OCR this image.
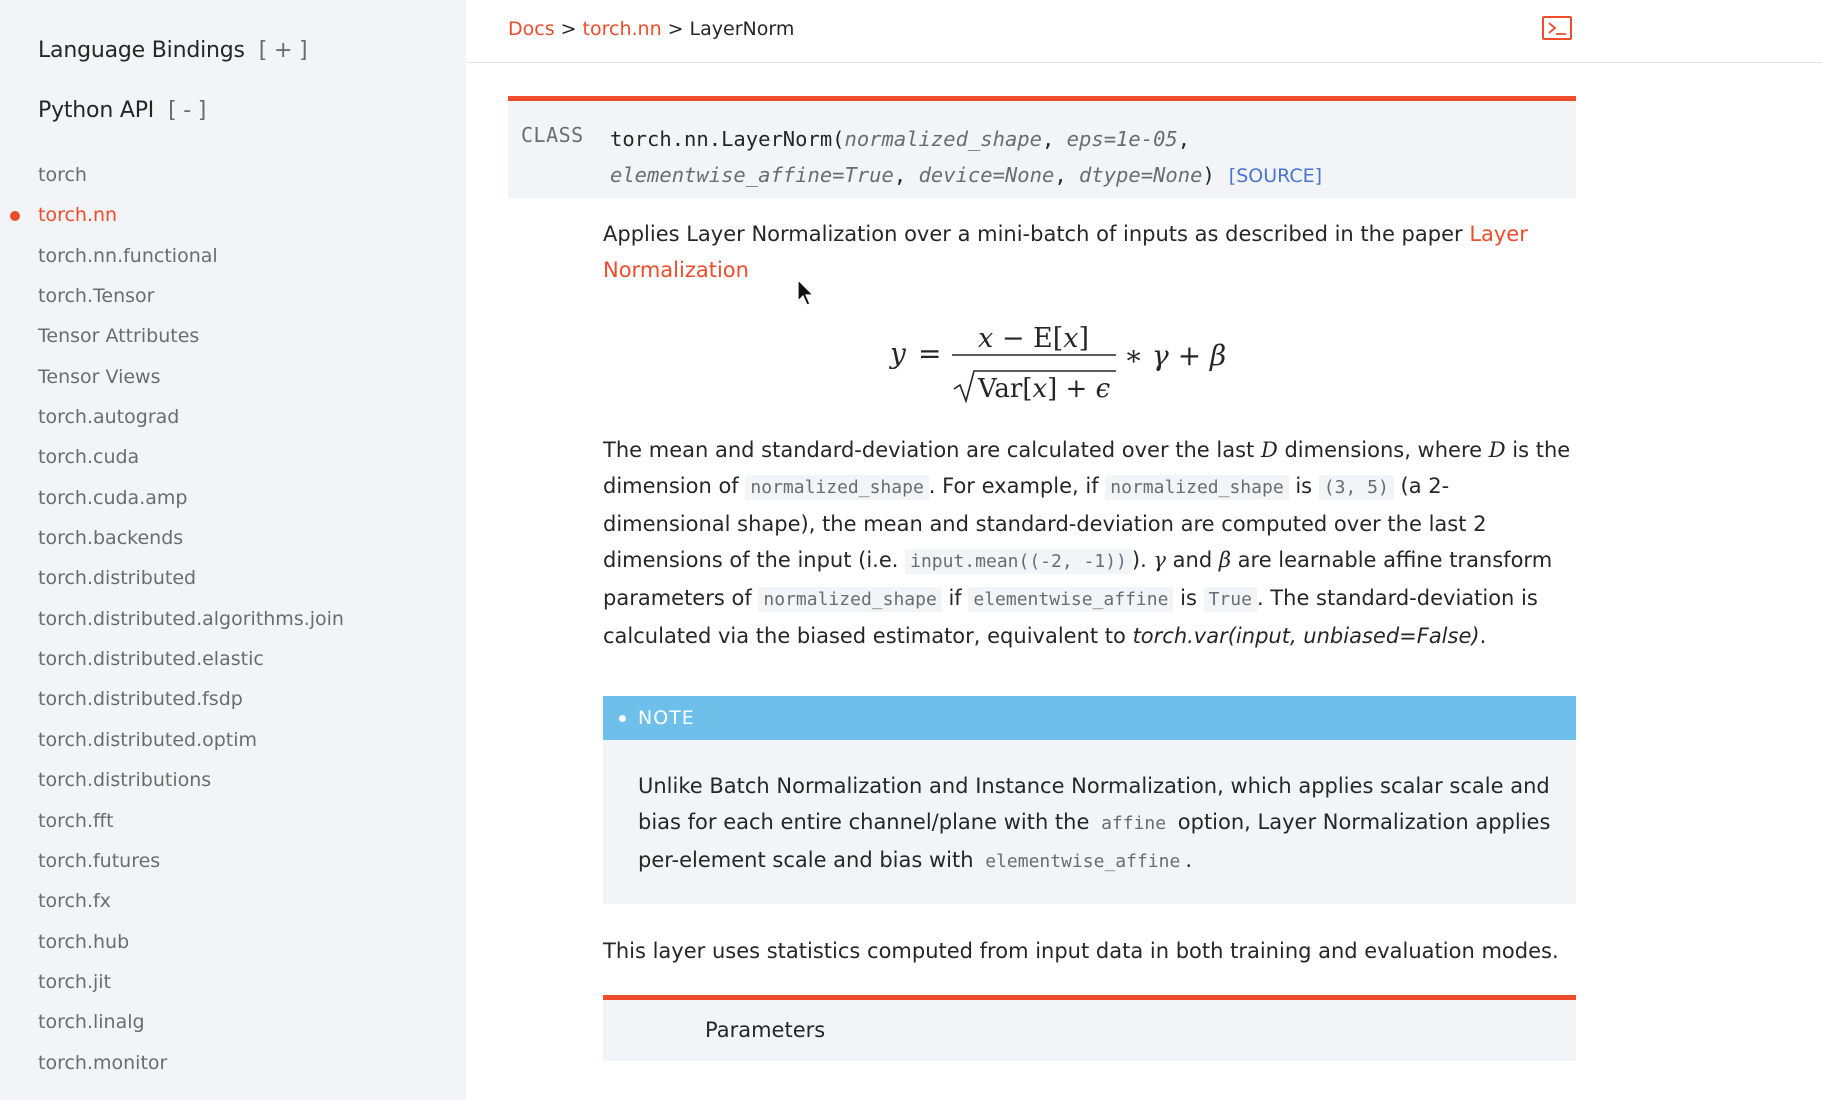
Language Bindings [ + ]
Python API [ - ]
torch
torch.nn
torch.nn.functional
torch.Tensor
Tensor Attributes
Tensor Views
torch.autograd
torch.cuda
torch.cuda.amp
torch.backends
torch.distributed
torch.distributed.algorithms.join
torch.distributed.elastic
torch.distributed.fsdp
torch.distributed.optim
torch.distributions
torch.fft
torch.futures
torch.fx
torch.hub
torch.jit
torch.linalg
torch.monitor
Docs > torch.nn > LayerNorm
CLASS torch.nn.LayerNorm(normalized_shape, eps=1e-05,
elementwise_affine=True, device=None, dtype=None) [SOURCE]

Applies Layer Normalization over a mini-batch of inputs as described in the paper Layer Normalization

y = x − E[x]
Var[x] + ϵ
∗ γ + β

The mean and standard-deviation are calculated over the last D dimensions, where D is the dimension of normalized_shape . For example, if normalized_shape is (3, 5) (a 2-dimensional shape), the mean and standard-deviation are computed over the last 2 dimensions of the input (i.e. input.mean((-2, -1)) ). γ and β are learnable affine transform parameters of normalized_shape if elementwise_affine is True . The standard-deviation is calculated via the biased estimator, equivalent to torch.var(input, unbiased=False).

NOTE
Unlike Batch Normalization and Instance Normalization, which applies scalar scale and bias for each entire channel/plane with the affine option, Layer Normalization applies per-element scale and bias with elementwise_affine .

This layer uses statistics computed from input data in both training and evaluation modes.

Parameters
